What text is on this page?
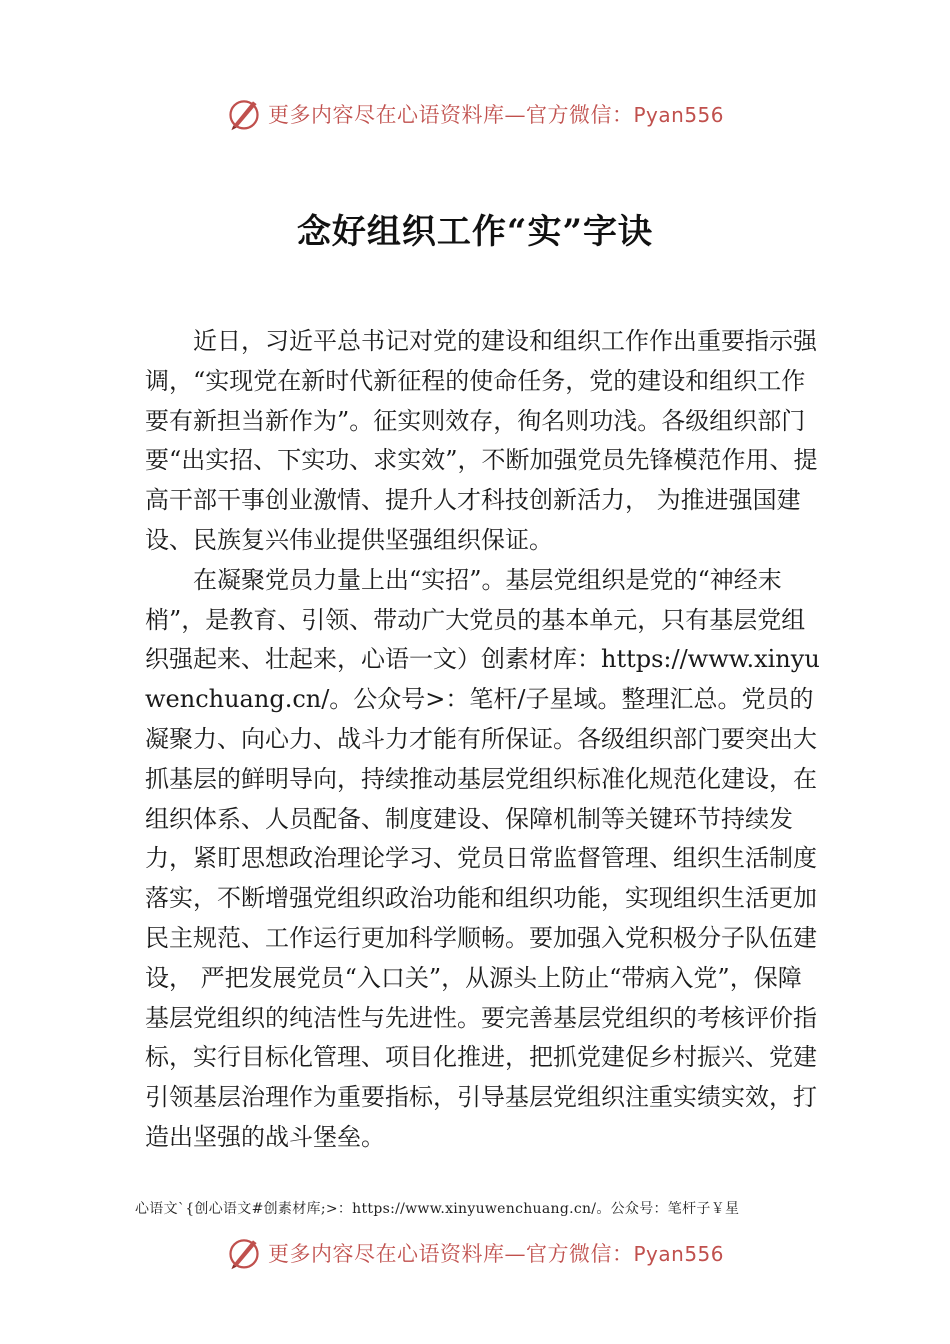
更多内容尽在心语资料库—官方微信：Pyan556
念好组织工作“实”字诀

近日，习近平总书记对党的建设和组织工作作出重要指示强调，“实现党在新时代新征程的使命任务，党的建设和组织工作要有新担当新作为”。征实则效存，徇名则功浅。各级组织部门要“出实招、下实功、求实效”，不断加强党员先锋模范作用、提高干部干事创业激情、提升人才科技创新活力， 为推进强国建设、民族复兴伟业提供坚强组织保证。

在凝聚党员力量上出“实招”。基层党组织是党的“神经末梢”，是教育、引领、带动广大党员的基本单元，只有基层党组织强起来、壮起来，心语一文）创素材库：https://www.xinyuwenchuang.cn/。公众号>：笔杆/子星域。整理汇总。党员的凝聚力、向心力、战斗力才能有所保证。各级组织部门要突出大抓基层的鲜明导向，持续推动基层党组织标准化规范化建设，在组织体系、人员配备、制度建设、保障机制等关键环节持续发力，紧盯思想政治理论学习、党员日常监督管理、组织生活制度落实，不断增强党组织政治功能和组织功能，实现组织生活更加民主规范、工作运行更加科学顺畅。要加强入党积极分子队伍建设， 严把发展党员“入口关”，从源头上防止“带病入党”，保障基层党组织的纯洁性与先进性。要完善基层党组织的考核评价指标，实行目标化管理、项目化推进，把抓党建促乡村振兴、党建引领基层治理作为重要指标，引导基层党组织注重实绩实效，打造出坚强的战斗堡垒。

心语文`{创心语文#创素材库;>：https://www.xinyuwenchuang.cn/。公众号：笔杆子￥星
更多内容尽在心语资料库—官方微信：Pyan556
